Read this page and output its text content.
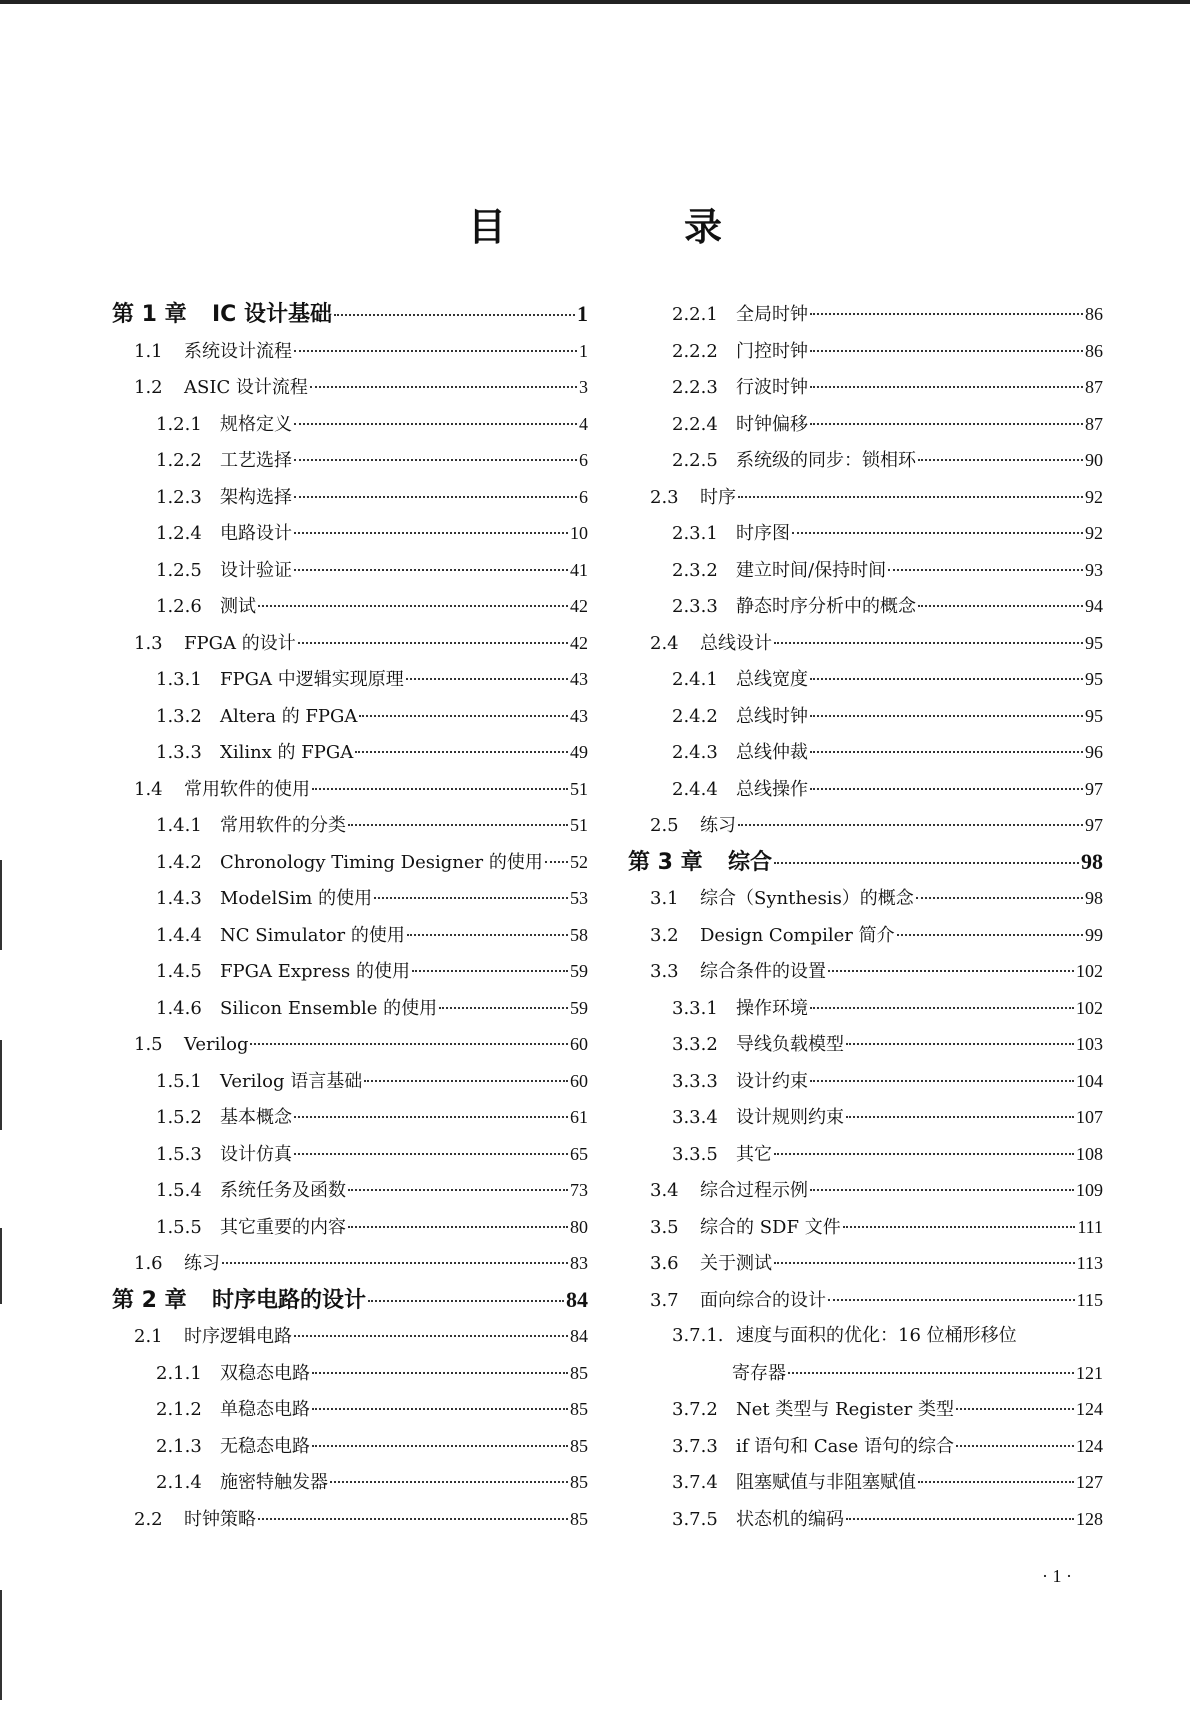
目　录
第 1 章	IC 设计基础	1
1.1	系统设计流程	1
1.2	ASIC 设计流程	3
1.2.1	规格定义	4
1.2.2	工艺选择	6
1.2.3	架构选择	6
1.2.4	电路设计	10
1.2.5	设计验证	41
1.2.6	测试	42
1.3	FPGA 的设计	42
1.3.1	FPGA 中逻辑实现原理	43
1.3.2	Altera 的 FPGA	43
1.3.3	Xilinx 的 FPGA	49
1.4	常用软件的使用	51
1.4.1	常用软件的分类	51
1.4.2	Chronology Timing Designer 的使用 52
1.4.3	ModelSim 的使用	53
1.4.4	NC Simulator 的使用	58
1.4.5	FPGA Express 的使用	59
1.4.6	Silicon Ensemble 的使用	59
1.5	Verilog	60
1.5.1	Verilog 语言基础	60
1.5.2	基本概念	61
1.5.3	设计仿真	65
1.5.4	系统任务及函数	73
1.5.5	其它重要的内容	80
1.6	练习	83
第 2 章	时序电路的设计	84
2.1	时序逻辑电路	84
2.1.1	双稳态电路	85
2.1.2	单稳态电路	85
2.1.3	无稳态电路	85
2.1.4	施密特触发器	85
2.2	时钟策略	85
2.2.1	全局时钟	86
2.2.2	门控时钟	86
2.2.3	行波时钟	87
2.2.4	时钟偏移	87
2.2.5	系统级的同步：锁相环	90
2.3	时序	92
2.3.1	时序图	92
2.3.2	建立时间/保持时间	93
2.3.3	静态时序分析中的概念	94
2.4	总线设计	95
2.4.1	总线宽度	95
2.4.2	总线时钟	95
2.4.3	总线仲裁	96
2.4.4	总线操作	97
2.5	练习	97
第 3 章	综合	98
3.1	综合（Synthesis）的概念	98
3.2	Design Compiler 简介	99
3.3	综合条件的设置	102
3.3.1	操作环境	102
3.3.2	导线负载模型	103
3.3.3	设计约束	104
3.3.4	设计规则约束	107
3.3.5	其它	108
3.4	综合过程示例	109
3.5	综合的 SDF 文件	111
3.6	关于测试	113
3.7	面向综合的设计	115
3.7.1. 速度与面积的优化：16 位桶形移位
寄存器	121
3.7.2	Net 类型与 Register 类型	124
3.7.3	if 语句和 Case 语句的综合	124
3.7.4	阻塞赋值与非阻塞赋值	127
3.7.5	状态机的编码	128
· 1 ·
